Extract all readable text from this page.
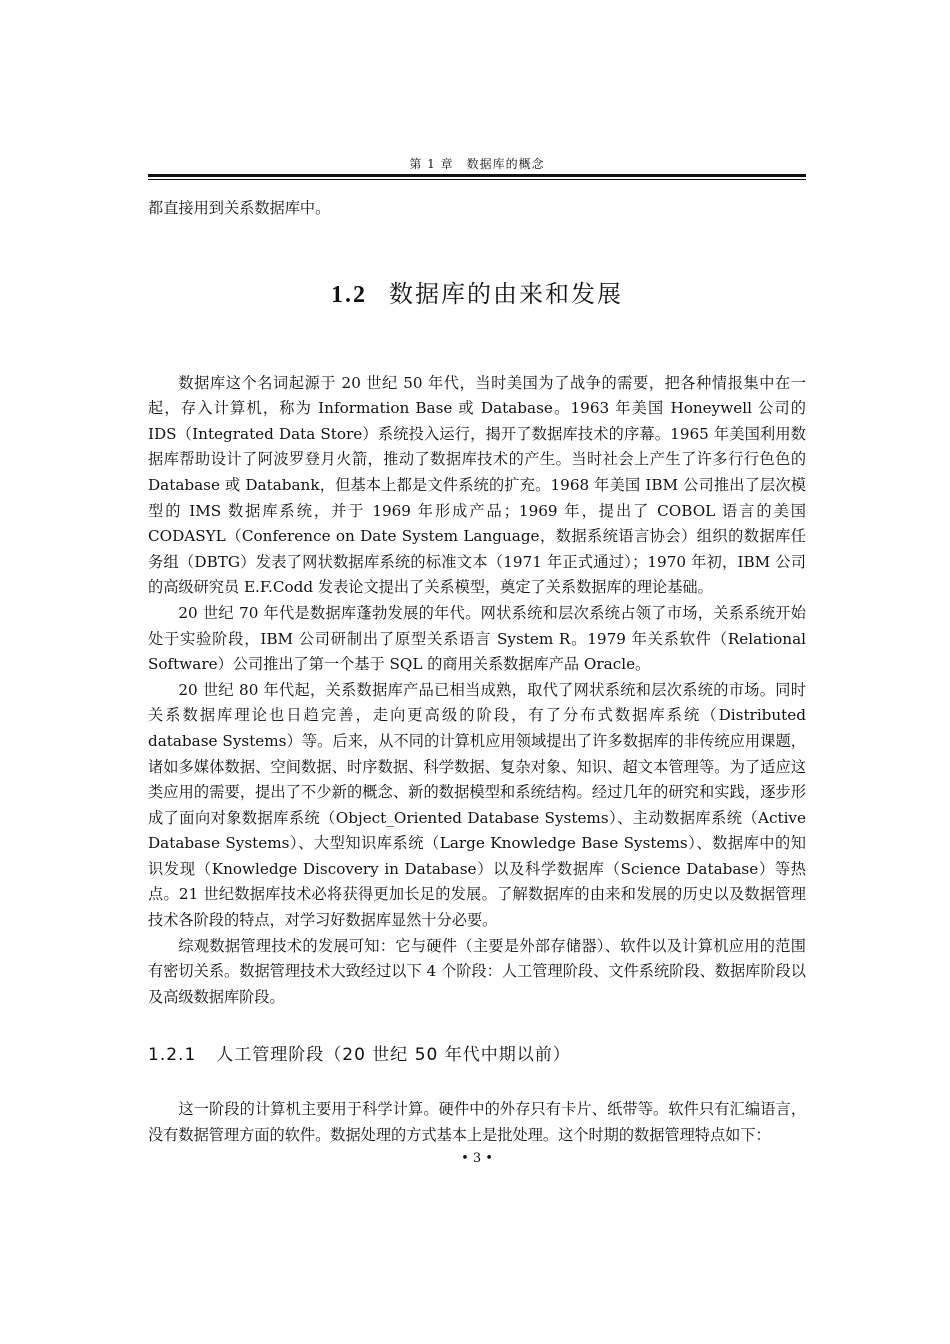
第 1 章　数据库的概念

都直接用到关系数据库中。

1.2 数据库的由来和发展

数据库这个名词起源于 20 世纪 50 年代，当时美国为了战争的需要，把各种情报集中在一起，存入计算机，称为 Information Base 或 Database。1963 年美国 Honeywell 公司的 IDS（Integrated Data Store）系统投入运行，揭开了数据库技术的序幕。1965 年美国利用数据库帮助设计了阿波罗登月火箭，推动了数据库技术的产生。当时社会上产生了许多行行色色的 Database 或 Databank，但基本上都是文件系统的扩充。1968 年美国 IBM 公司推出了层次模型的 IMS 数据库系统，并于 1969 年形成产品；1969 年，提出了 COBOL 语言的美国 CODASYL（Conference on Date System Language，数据系统语言协会）组织的数据库任务组（DBTG）发表了网状数据库系统的标准文本（1971 年正式通过）；1970 年初，IBM 公司的高级研究员 E.F.Codd 发表论文提出了关系模型，奠定了关系数据库的理论基础。

20 世纪 70 年代是数据库蓬勃发展的年代。网状系统和层次系统占领了市场，关系系统开始处于实验阶段，IBM 公司研制出了原型关系语言 System R。1979 年关系软件（Relational Software）公司推出了第一个基于 SQL 的商用关系数据库产品 Oracle。

20 世纪 80 年代起，关系数据库产品已相当成熟，取代了网状系统和层次系统的市场。同时关系数据库理论也日趋完善，走向更高级的阶段，有了分布式数据库系统（Distributed database Systems）等。后来，从不同的计算机应用领域提出了许多数据库的非传统应用课题，诸如多媒体数据、空间数据、时序数据、科学数据、复杂对象、知识、超文本管理等。为了适应这类应用的需要，提出了不少新的概念、新的数据模型和系统结构。经过几年的研究和实践，逐步形成了面向对象数据库系统（Object_Oriented Database Systems）、主动数据库系统（Active Database Systems）、大型知识库系统（Large Knowledge Base Systems）、数据库中的知识发现（Knowledge Discovery in Database）以及科学数据库（Science Database）等热点。21 世纪数据库技术必将获得更加长足的发展。了解数据库的由来和发展的历史以及数据管理技术各阶段的特点，对学习好数据库显然十分必要。

综观数据管理技术的发展可知：它与硬件（主要是外部存储器）、软件以及计算机应用的范围有密切关系。数据管理技术大致经过以下 4 个阶段：人工管理阶段、文件系统阶段、数据库阶段以及高级数据库阶段。

1.2.1 人工管理阶段（20 世纪 50 年代中期以前）

这一阶段的计算机主要用于科学计算。硬件中的外存只有卡片、纸带等。软件只有汇编语言，没有数据管理方面的软件。数据处理的方式基本上是批处理。这个时期的数据管理特点如下：

• 3 •
